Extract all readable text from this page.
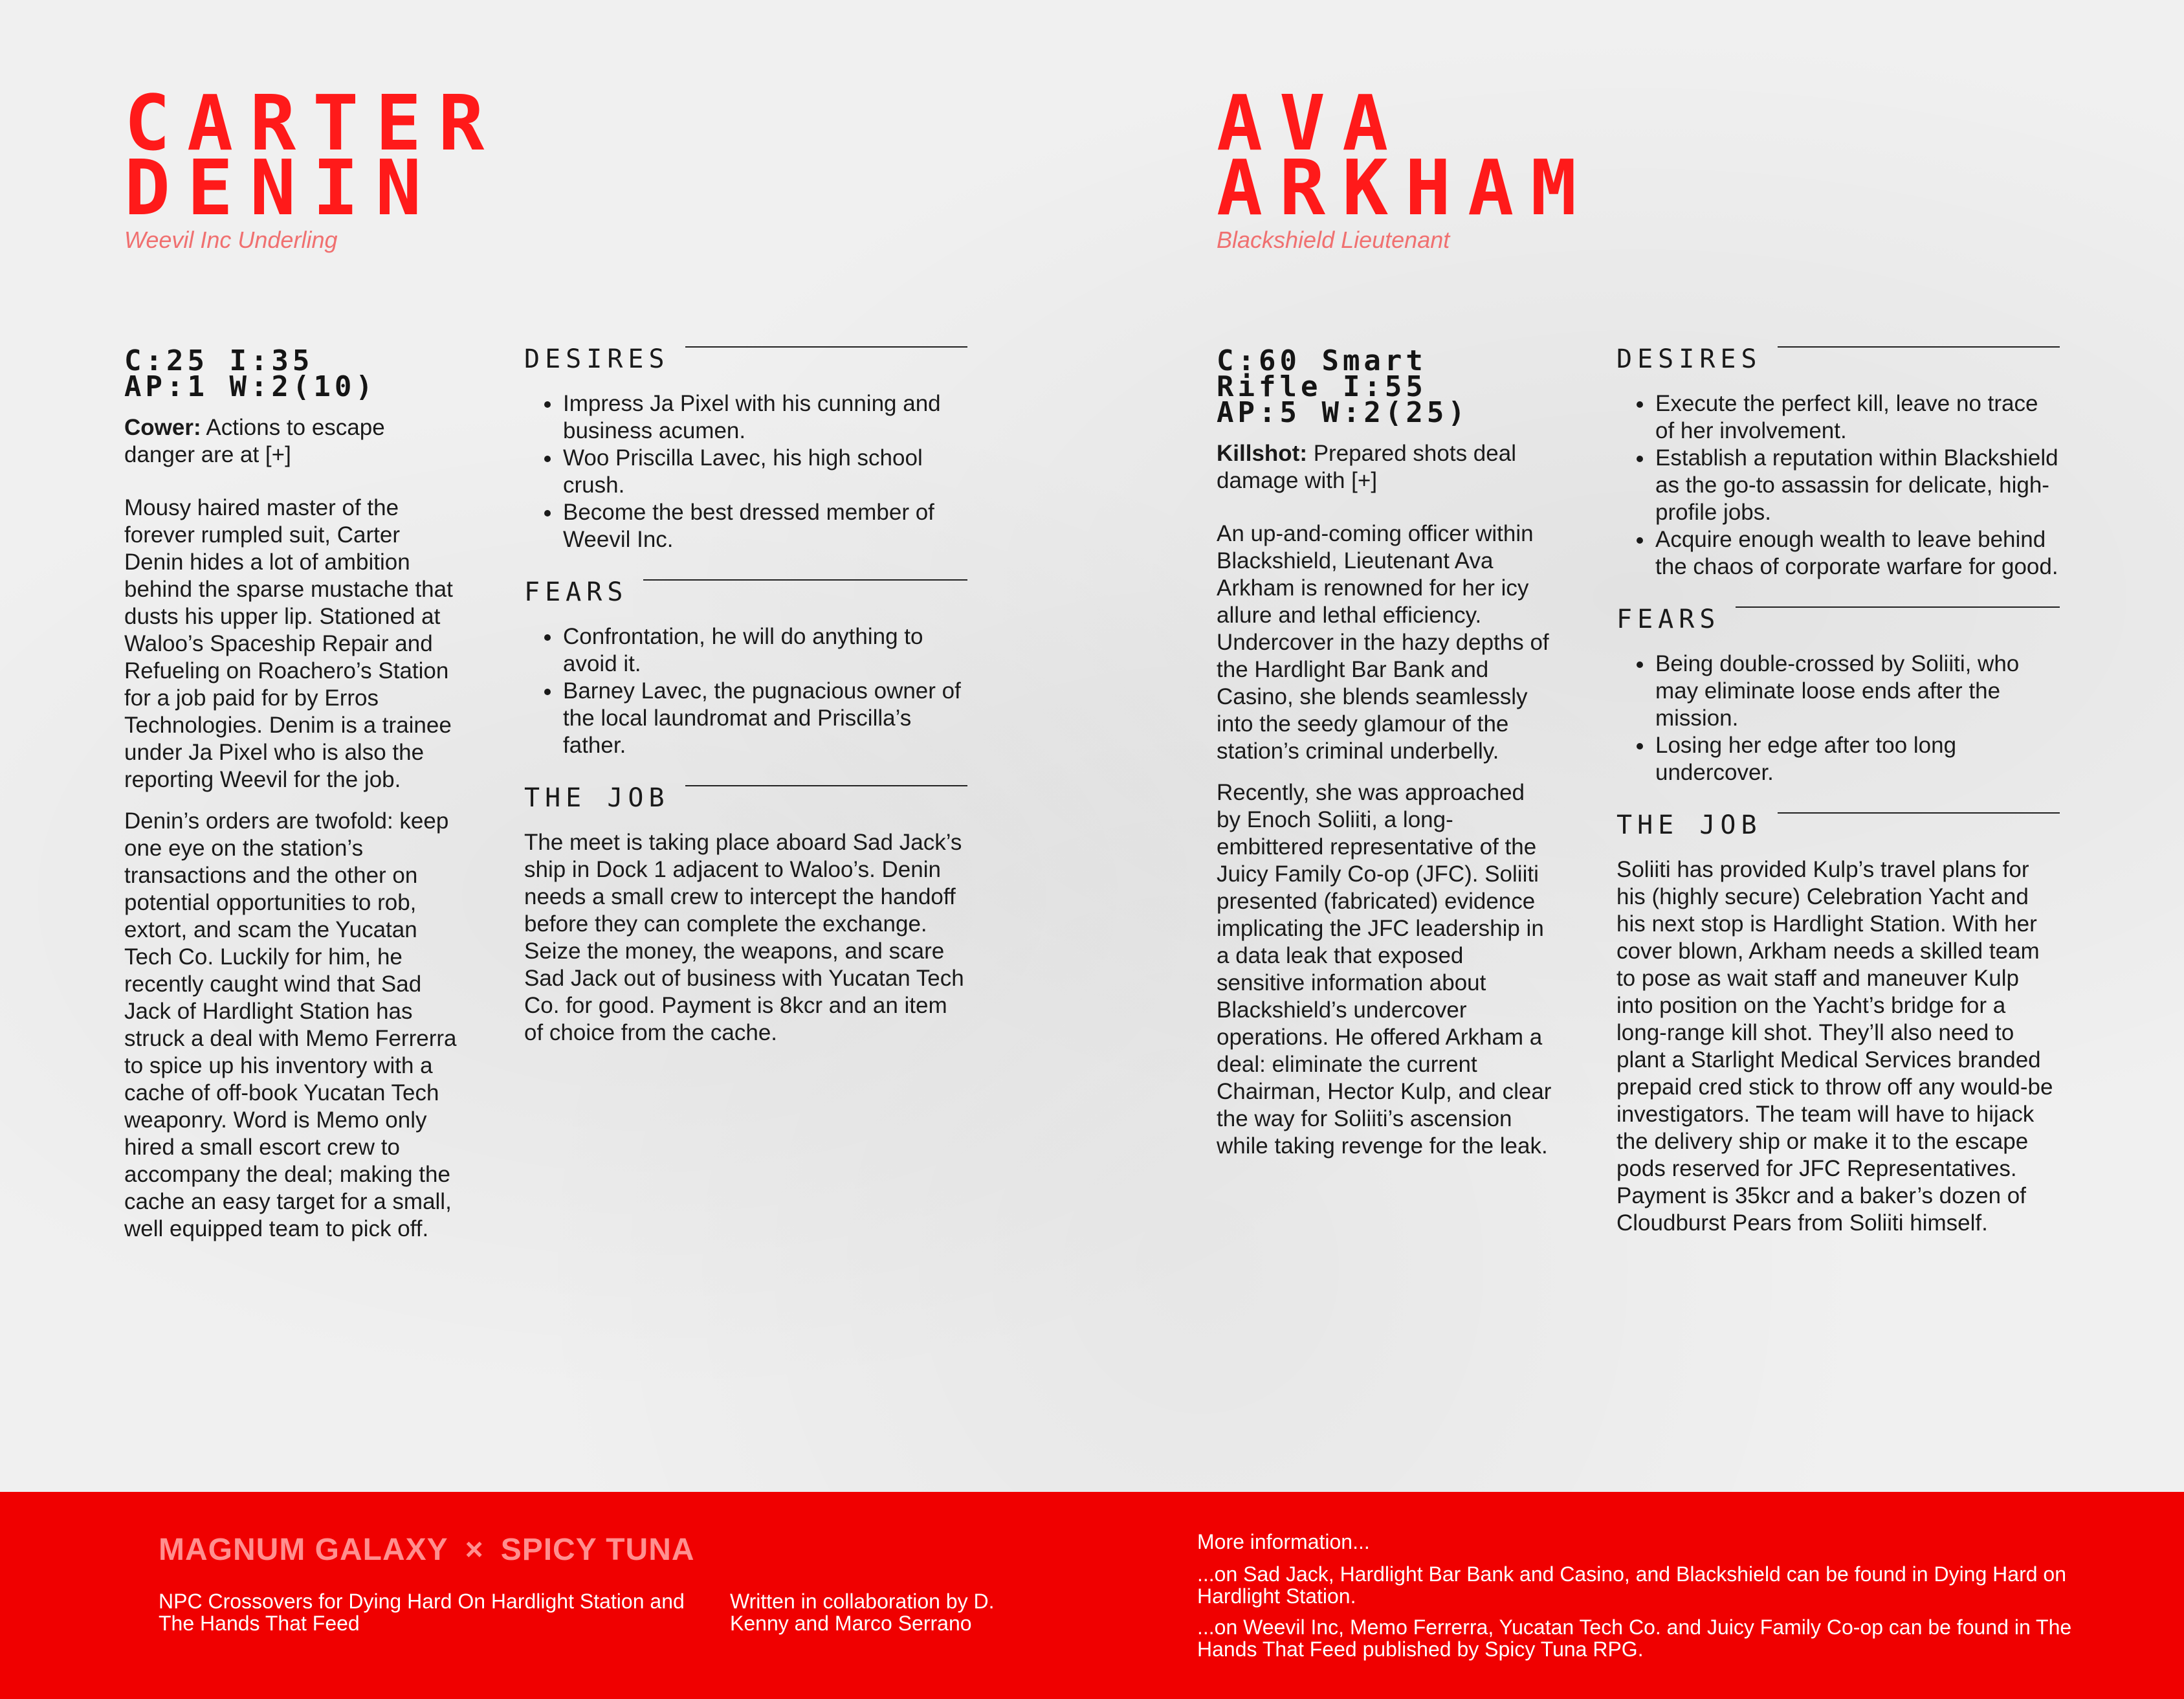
CARTER
DENIN

Weevil Inc Underling

C:25 I:35
AP:1 W:2(10)

Cower: Actions to escape danger are at [+]

Mousy haired master of the forever rumpled suit, Carter Denin hides a lot of ambition behind the sparse mustache that dusts his upper lip. Stationed at Waloo’s Spaceship Repair and Refueling on Roachero’s Station for a job paid for by Erros Technologies. Denim is a trainee under Ja Pixel who is also the reporting Weevil for the job.

Denin’s orders are twofold: keep one eye on the station’s transactions and the other on potential opportunities to rob, extort, and scam the Yucatan Tech Co. Luckily for him, he recently caught wind that Sad Jack of Hardlight Station has struck a deal with Memo Ferrerra to spice up his inventory with a cache of off-book Yucatan Tech weaponry. Word is Memo only hired a small escort crew to accompany the deal; making the cache an easy target for a small, well equipped team to pick off.

DESIRES
• Impress Ja Pixel with his cunning and business acumen.
• Woo Priscilla Lavec, his high school crush.
• Become the best dressed member of Weevil Inc.
FEARS
• Confrontation, he will do anything to avoid it.
• Barney Lavec, the pugnacious owner of the local laundromat and Priscilla’s father.
THE JOB

The meet is taking place aboard Sad Jack’s ship in Dock 1 adjacent to Waloo’s. Denin needs a small crew to intercept the handoff before they can complete the exchange. Seize the money, the weapons, and scare Sad Jack out of business with Yucatan Tech Co. for good. Payment is 8kcr and an item of choice from the cache.

AVA
ARKHAM

Blackshield Lieutenant

C:60 Smart
Rifle I:55
AP:5 W:2(25)

Killshot: Prepared shots deal damage with [+]

An up-and-coming officer within Blackshield, Lieutenant Ava Arkham is renowned for her icy allure and lethal efficiency. Undercover in the hazy depths of the Hardlight Bar Bank and Casino, she blends seamlessly into the seedy glamour of the station’s criminal underbelly.

Recently, she was approached by Enoch Soliiti, a long-embittered representative of the Juicy Family Co-op (JFC). Soliiti presented (fabricated) evidence implicating the JFC leadership in a data leak that exposed sensitive information about Blackshield’s undercover operations. He offered Arkham a deal: eliminate the current Chairman, Hector Kulp, and clear the way for Soliiti’s ascension while taking revenge for the leak.

DESIRES
• Execute the perfect kill, leave no trace of her involvement.
• Establish a reputation within Blackshield as the go-to assassin for delicate, high-profile jobs.
• Acquire enough wealth to leave behind the chaos of corporate warfare for good.
FEARS
• Being double-crossed by Soliiti, who may eliminate loose ends after the mission.
• Losing her edge after too long undercover.
THE JOB

Soliiti has provided Kulp’s travel plans for his (highly secure) Celebration Yacht and his next stop is Hardlight Station. With her cover blown, Arkham needs a skilled team to pose as wait staff and maneuver Kulp into position on the Yacht’s bridge for a long-range kill shot. They’ll also need to plant a Starlight Medical Services branded prepaid cred stick to throw off any would-be investigators. The team will have to hijack the delivery ship or make it to the escape pods reserved for JFC Representatives. Payment is 35kcr and a baker’s dozen of Cloudburst Pears from Soliiti himself.

MAGNUM GALAXY × SPICY TUNA

NPC Crossovers for Dying Hard On Hardlight Station and The Hands That Feed

Written in collaboration by D. Kenny and Marco Serrano

More information...

...on Sad Jack, Hardlight Bar Bank and Casino, and Blackshield can be found in Dying Hard on Hardlight Station.

...on Weevil Inc, Memo Ferrerra, Yucatan Tech Co. and Juicy Family Co-op can be found in The Hands That Feed published by Spicy Tuna RPG.
